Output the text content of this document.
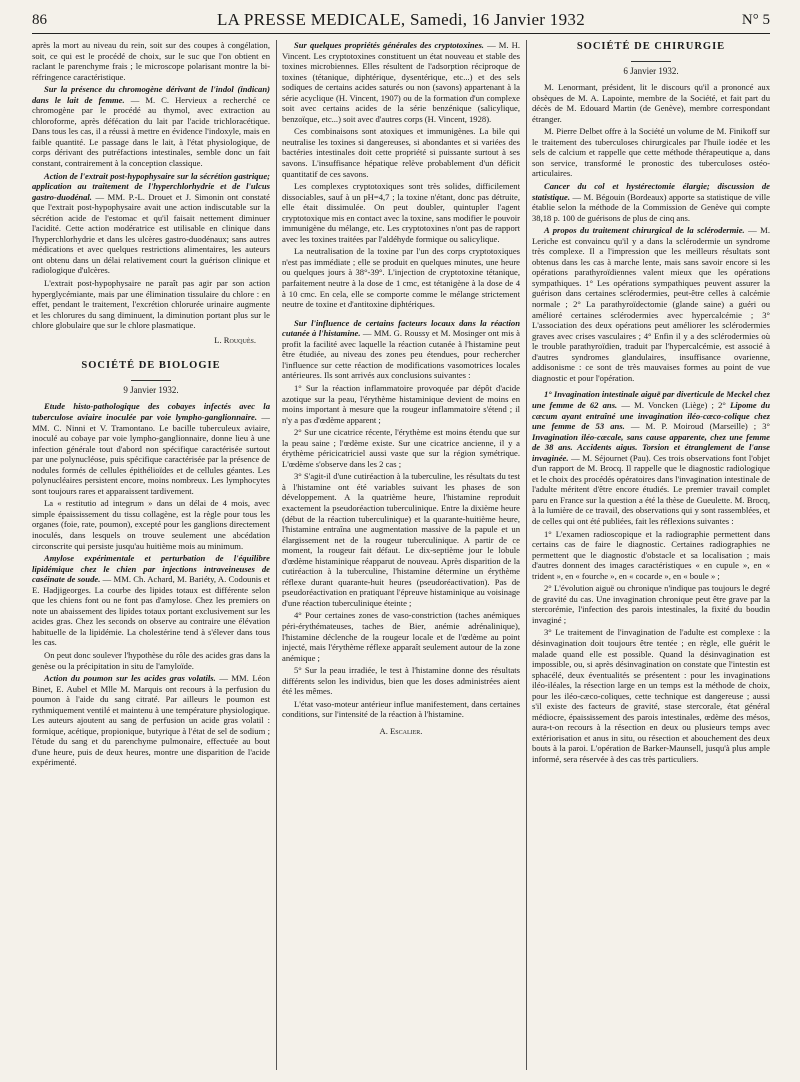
86	LA PRESSE MEDICALE, Samedi, 16 Janvier 1932	N° 5

après la mort au niveau du rein, soit sur des coupes à congélation, soit, ce qui est le procédé de choix, sur le suc que l'on obtient en raclant le parenchyme frais ; le microscope polarisant montre la bi-réfringence caractéristique.

Sur la présence du chromogène dérivant de l'indol (indican) dans le lait de femme. — M. C. Hervieux a recherché ce chromogène par le procédé au thymol, avec extraction au chloroforme, après défécation du lait par l'acide trichloracétique. Dans tous les cas, il a réussi à mettre en évidence l'indoxyle, mais en faible quantité. Le passage dans le lait, à l'état physiologique, de corps dérivant des putréfactions intestinales, semble donc un fait constant, contrairement à la conception classique.

Action de l'extrait post-hypophysaire sur la sécrétion gastrique; application au traitement de l'hyperchlorhydrie et de l'ulcus gastro-duodénal. — MM. P.-L. Drouet et J. Simonin ont constaté que l'extrait post-hypophysaire avait une action indiscutable sur la sécrétion acide de l'estomac et qu'il faisait nettement diminuer l'acidité. Cette action modératrice est utilisable en clinique dans l'hyperchlorhydrie et dans les ulcères gastro-duodénaux; sans autres médications et avec quelques restrictions alimentaires, les auteurs ont obtenu dans un délai relativement court la guérison clinique et radiologique d'ulcères.

L'extrait post-hypophysaire ne paraît pas agir par son action hyperglycémiante, mais par une élimination tissulaire du chlore : en effet, pendant le traitement, l'excrétion chlorurée urinaire augmente et les chlorures du sang diminuent, la diminution portant plus sur le chlore globulaire que sur le chlore plasmatique.

L. Rouquès.
SOCIÉTÉ DE BIOLOGIE
9 Janvier 1932.

Etude histo-pathologique des cobayes infectés avec la tuberculose aviaire inoculée par voie lympho-ganglionnaire. — MM. C. Ninni et V. Tramontano. Le bacille tuberculeux aviaire, inoculé au cobaye par voie lympho-ganglionnaire, donne lieu à une infection générale tout d'abord non spécifique caractérisée surtout par une polynucléose, puis spécifique caractérisée par la présence de nodules formés de cellules épithélioïdes et de cellules géantes. Les polynucléaires persistent encore, moins nombreux. Les lymphocytes sont toujours rares et apparaissent tardivement.

La « restitutio ad integrum » dans un délai de 4 mois, avec simple épaississement du tissu collagène, est la règle pour tous les organes (foie, rate, poumon), excepté pour les ganglions directement inoculés, dans lesquels on trouve seulement une abcédation circonscrite qui persiste jusqu'au huitième mois au minimum.

Amylose expérimentale et perturbation de l'équilibre lipidémique chez le chien par injections intraveineuses de caséinate de soude. — MM. Ch. Achard, M. Bariéty, A. Codounis et E. Hadjigeorges. La courbe des lipides totaux est différente selon que les chiens font ou ne font pas d'amylose. Chez les premiers on note un abaissement des lipides totaux portant exclusivement sur les acides gras. Chez les seconds on observe au contraire une élévation habituelle de la lipidémie. La cholestérine tend à s'élever dans tous les cas.

On peut donc soulever l'hypothèse du rôle des acides gras dans la genèse ou la précipitation in situ de l'amyloïde.

Action du poumon sur les acides gras volatils. — MM. Léon Binet, E. Aubel et Mlle M. Marquis ont recours à la perfusion du poumon à l'aide du sang citraté. Par ailleurs le poumon est rythmiquement ventilé et maintenu à une température physiologique. Les auteurs ajoutent au sang de perfusion un acide gras volatil : formique, acétique, propionique, butyrique à l'état de sel de sodium ; l'étude du sang et du parenchyme pulmonaire, effectuée au bout d'une heure, puis de deux heures, montre une disparition de l'acide expérimenté.

Sur quelques propriétés générales des cryptotoxines. — M. H. Vincent. Les cryptotoxines constituent un état nouveau et stable des toxines microbiennes. Elles résultent de l'adsorption réciproque de toxines (tétanique, diphtérique, dysentérique, etc...) et des sels sodiques de certains acides saturés ou non (savons) appartenant à la série acyclique (H. Vincent, 1907) ou de la formation d'un complexe soit avec certains acides de la série benzénique (salicylique, benzoïque, etc...) soit avec d'autres corps (H. Vincent, 1928).

Ces combinaisons sont atoxiques et immunigènes. La bile qui neutralise les toxines si dangereuses, si abondantes et si variées des bactéries intestinales doit cette propriété si puissante surtout à ses savons. L'insuffisance hépatique relève probablement d'un déficit quantitatif de ces savons.

Les complexes cryptotoxiques sont très solides, difficilement dissociables, sauf à un pH=4,7 ; la toxine n'étant, donc pas détruite, elle était dissimulée. On peut doubler, quintupler l'agent cryptotoxique mis en contact avec la toxine, sans modifier le pouvoir immunigène du mélange, etc. Les cryptotoxines n'ont pas de rapport avec les toxines traitées par l'aldéhyde formique ou salicylique.

La neutralisation de la toxine par l'un des corps cryptotoxiques n'est pas immédiate ; elle se produit en quelques minutes, une heure ou quelques jours à 38°-39°. L'injection de cryptotoxine tétanique, parfaitement neutre à la dose de 1 cmc, est tétanigène à la dose de 4 à 10 cmc. En cela, elle se comporte comme le mélange strictement neutre de toxine et d'antitoxine diphtériques.

Sur l'influence de certains facteurs locaux dans la réaction cutanée à l'histamine. — MM. G. Roussy et M. Mosinger ont mis à profit la facilité avec laquelle la réaction cutanée à l'histamine peut être étudiée, au niveau des zones peu étendues, pour rechercher l'influence sur cette réaction de modifications vasomotrices locales antérieures. Ils sont arrivés aux conclusions suivantes :

1° Sur la réaction inflammatoire provoquée par dépôt d'acide azotique sur la peau, l'érythème histaminique devient de moins en moins important à mesure que la rougeur inflammatoire s'étend ; il n'y a pas d'œdème apparent ;

2° Sur une cicatrice récente, l'érythème est moins étendu que sur la peau saine ; l'œdème existe. Sur une cicatrice ancienne, il y a érythème péricicatriciel aussi vaste que sur la région symétrique. L'œdème s'observe dans les 2 cas ;

3° S'agit-il d'une cutiréaction à la tuberculine, les résultats du test à l'histamine ont été variables suivant les phases de son développement. A la quatrième heure, l'histamine reproduit exactement la pseudoréaction tuberculinique. Entre la dixième heure (début de la réaction tuberculinique) et la quarante-huitième heure, l'histamine entraîna une augmentation massive de la papule et un élargissement net de la rougeur tuberculinique. A partir de ce moment, la rougeur fait défaut. Le dix-septième jour le lobule d'œdème histaminique réapparut de nouveau. Après disparition de la cutiréaction à la tuberculine, l'histamine détermine un érythème réflexe durant quarante-huit heures (pseudoréactivation). Pas de pseudoréactivation en pratiquant l'épreuve histaminique au voisinage d'une réaction tuberculinique éteinte ;

4° Pour certaines zones de vaso-constriction (taches anémiques péri-érythémateuses, taches de Bier, anémie adrénalinique), l'histamine déclenche de la rougeur locale et de l'œdème au point injecté, mais l'érythème réflexe apparaît seulement autour de la zone anémique ;

5° Sur la peau irradiée, le test à l'histamine donne des résultats différents selon les individus, bien que les doses administrées aient été les mêmes.

L'état vaso-moteur antérieur influe manifestement, dans certaines conditions, sur l'intensité de la réaction à l'histamine.

A. Escalier.
SOCIÉTÉ DE CHIRURGIE
6 Janvier 1932.

M. Lenormant, président, lit le discours qu'il a prononcé aux obsèques de M. A. Lapointe, membre de la Société, et fait part du décès de M. Edouard Martin (de Genève), membre correspondant étranger.

M. Pierre Delbet offre à la Société un volume de M. Finikoff sur le traitement des tuberculoses chirurgicales par l'huile iodée et les sels de calcium et rappelle que cette méthode thérapeutique a, dans son service, transformé le pronostic des tuberculoses ostéo-articulaires.

Cancer du col et hystérectomie élargie; discussion de statistique. — M. Bégouin (Bordeaux) apporte sa statistique de ville établie selon la méthode de la Commission de Genève qui compte 38,18 p. 100 de guérisons de plus de cinq ans.

A propos du traitement chirurgical de la sclérodermie. — M. Leriche est convaincu qu'il y a dans la sclérodermie un syndrome très complexe. Il a l'impression que les meilleurs résultats sont obtenus dans les cas à marche lente, mais sans savoir encore si les opérations parathyroïdiennes valent mieux que les opérations sympathiques. 1° Les opérations sympathiques peuvent assurer la guérison dans certaines sclérodermies, peut-être celles à calcémie normale ; 2° La parathyroïdectomie (glande saine) a guéri ou amélioré certaines sclérodermies avec hypercalcémie ; 3° L'association des deux opérations peut améliorer les sclérodermies graves avec crises vasculaires ; 4° Enfin il y a des sclérodermies où le trouble parathyroïdien, traduit par l'hypercalcémie, est associé à d'autres syndromes glandulaires, insuffisance ovarienne, addisonisme : ce sont de très mauvaises formes au point de vue diagnostic et pour l'opération.

1° Invagination intestinale aiguë par diverticule de Meckel chez une femme de 62 ans. — M. Voncken (Liège) ; 2° Lipome du cæcum ayant entraîné une invagination iléo-cæco-colique chez une femme de 53 ans. — M. P. Moiroud (Marseille) ; 3° Invagination iléo-cæcale, sans cause apparente, chez une femme de 38 ans. Accidents aigus. Torsion et étranglement de l'anse invaginée. — M. Séjournet (Pau). Ces trois observations font l'objet d'un rapport de M. Brocq. Il rappelle que le diagnostic radiologique et le choix des procédés opératoires dans l'invagination intestinale de l'adulte méritent d'être encore étudiés. Le premier travail complet paru en France sur la question a été la thèse de Gueulette. M. Brocq, à la lumière de ce travail, des observations qui y sont rassemblées, et de celles qui ont été publiées, fait les réflexions suivantes :

1° L'examen radioscopique et la radiographie permettent dans certains cas de faire le diagnostic. Certaines radiographies ne permettent que le diagnostic d'obstacle et sa localisation ; mais d'autres donnent des images caractéristiques « en cupule », en « trident », en « fourche », en « cocarde », en « boule » ;

2° L'évolution aiguë ou chronique n'indique pas toujours le degré de gravité du cas. Une invagination chronique peut être grave par la stercorémie, l'infection des parois intestinales, la fixité du boudin invaginé ;

3° Le traitement de l'invagination de l'adulte est complexe : la désinvagination doit toujours être tentée ; en règle, elle guérit le malade quand elle est possible. Quand la désinvagination est impossible, ou, si après désinvagination on constate que l'intestin est sphacélé, deux éventualités se présentent : pour les invaginations iléo-iléales, la résection large en un temps est la méthode de choix, pour les iléo-cæco-coliques, cette technique est dangereuse ; aussi s'il existe des facteurs de gravité, stase stercorale, état général médiocre, épaississement des parois intestinales, œdème des mésos, aura-t-on recours à la résection en deux ou plusieurs temps avec extériorisation et anus in situ, ou résection et abouchement des deux bouts à la paroi. L'opération de Barker-Maunsell, jusqu'à plus ample informé, sera réservée à des cas très particuliers.
